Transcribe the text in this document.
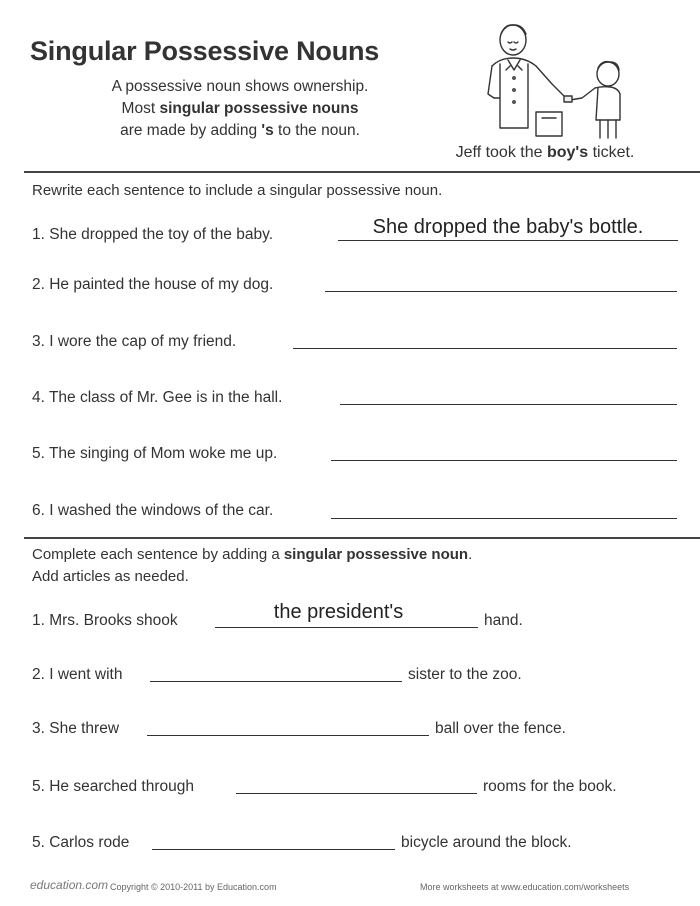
Singular Possessive Nouns
A possessive noun shows ownership.
Most singular possessive nouns
are made by adding 's to the noun.
Jeff took the boy's ticket.
Rewrite each sentence to include a singular possessive noun.
1. She dropped the toy of the baby.	She dropped the baby's bottle.
2. He painted the house of my dog.
3. I wore the cap of my friend.
4. The class of Mr. Gee is in the hall.
5. The singing of Mom woke me up.
6. I washed the windows of the car.
Complete each sentence by adding a singular possessive noun.
Add articles as needed.
1. Mrs. Brooks shook	the president's	hand.
2. I went with	sister to the zoo.
3. She threw	ball over the fence.
5. He searched through	rooms for the book.
5. Carlos rode	bicycle around the block.
education.com Copyright © 2010-2011 by Education.com	More worksheets at www.education.com/worksheets
